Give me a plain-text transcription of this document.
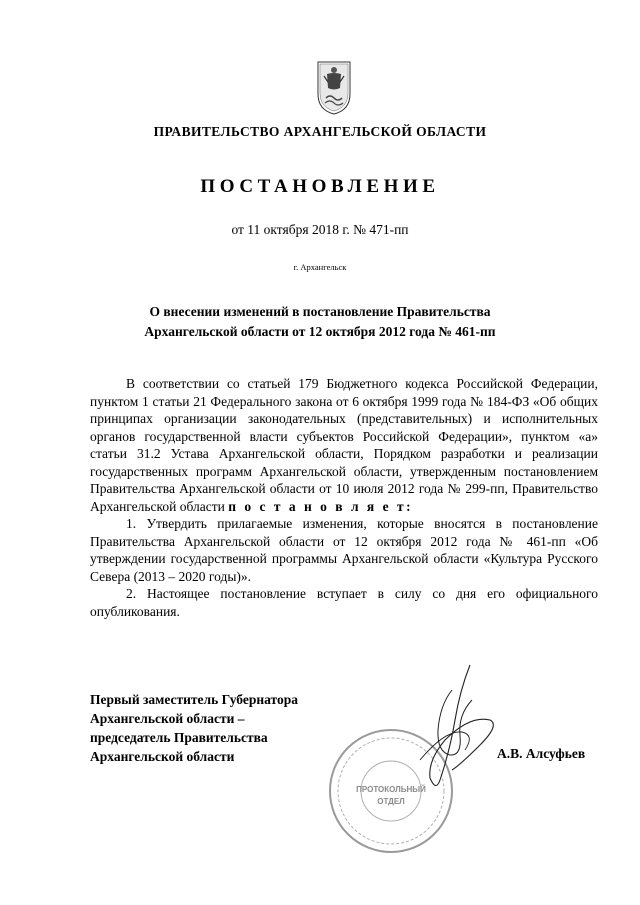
ПРАВИТЕЛЬСТВО АРХАНГЕЛЬСКОЙ ОБЛАСТИ
ПОСТАНОВЛЕНИЕ
от 11 октября 2018 г. № 471-пп
г. Архангельск
О внесении изменений в постановление Правительства
Архангельской области от 12 октября 2012 года № 461-пп

В соответствии со статьей 179 Бюджетного кодекса Российской Федерации, пунктом 1 статьи 21 Федерального закона от 6 октября 1999 года № 184-ФЗ «Об общих принципах организации законодательных (представительных) и исполнительных органов государственной власти субъектов Российской Федерации», пунктом «а» статьи 31.2 Устава Архангельской области, Порядком разработки и реализации государственных программ Архангельской области, утвержденным постановлением Правительства Архангельской области от 10 июля 2012 года № 299-пп, Правительство Архангельской области п о с т а н о в л я е т:

1. Утвердить прилагаемые изменения, которые вносятся в постановление Правительства Архангельской области от 12 октября 2012 года № 461-пп «Об утверждении государственной программы Архангельской области «Культура Русского Севера (2013 – 2020 годы)».

2. Настоящее постановление вступает в силу со дня его официального опубликования.

Первый заместитель Губернатора
Архангельской области –
председатель Правительства
Архангельской области
ПРОТОКОЛЬНЫЙ
ОТДЕЛ
А.В. Алсуфьев
